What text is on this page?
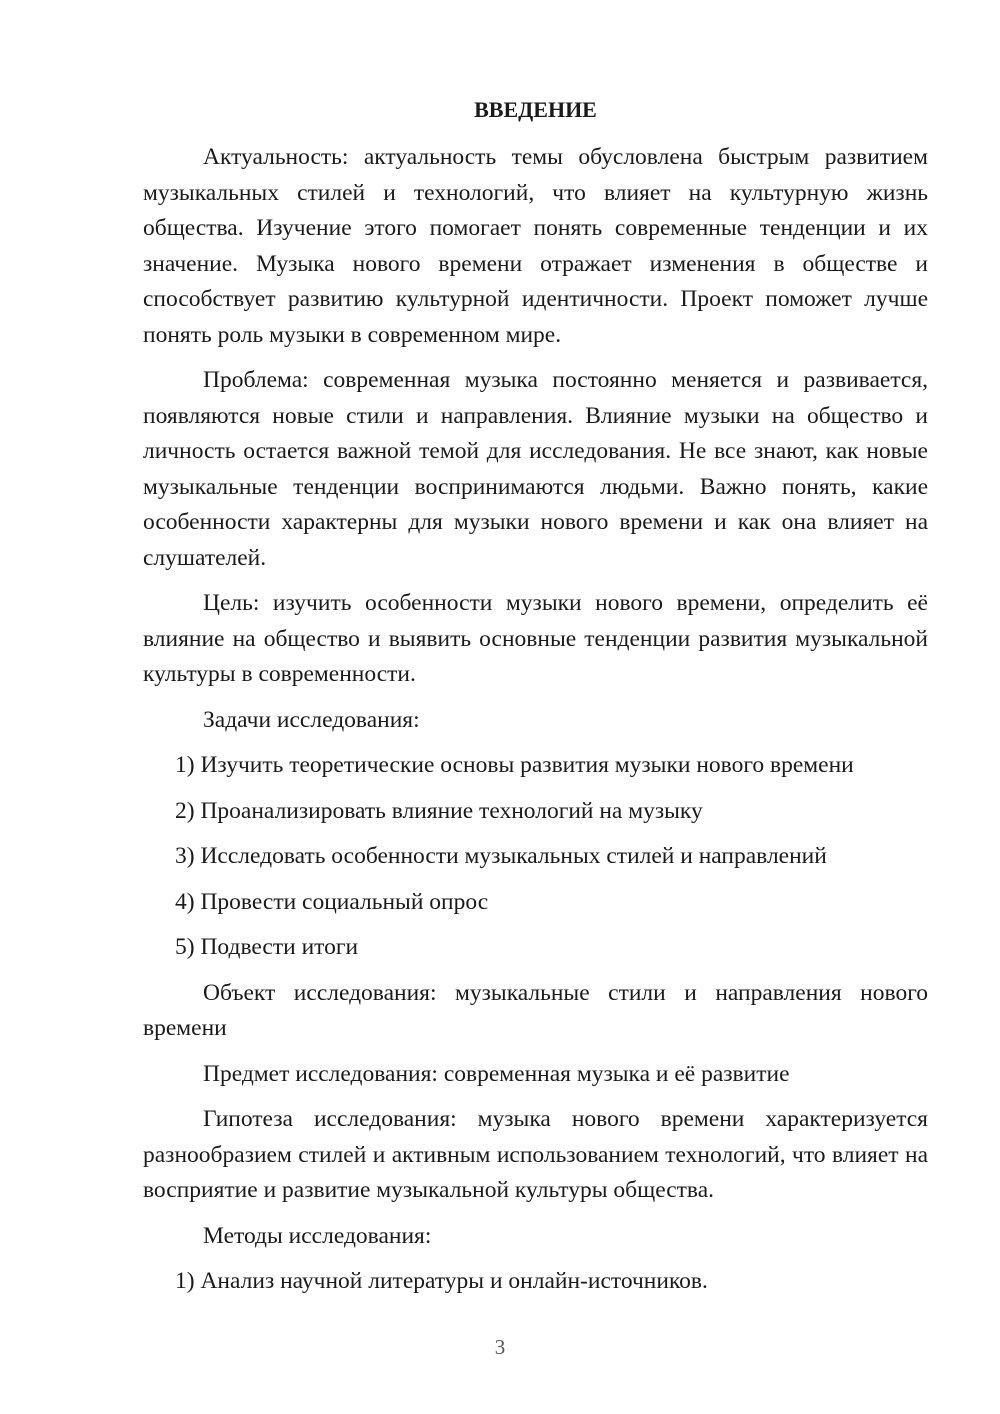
ВВЕДЕНИЕ
Актуальность: актуальность темы обусловлена быстрым развитием музыкальных стилей и технологий, что влияет на культурную жизнь общества. Изучение этого помогает понять современные тенденции и их значение. Музыка нового времени отражает изменения в обществе и способствует развитию культурной идентичности. Проект поможет лучше понять роль музыки в современном мире.
Проблема: современная музыка постоянно меняется и развивается, появляются новые стили и направления. Влияние музыки на общество и личность остается важной темой для исследования. Не все знают, как новые музыкальные тенденции воспринимаются людьми. Важно понять, какие особенности характерны для музыки нового времени и как она влияет на слушателей.
Цель: изучить особенности музыки нового времени, определить её влияние на общество и выявить основные тенденции развития музыкальной культуры в современности.
Задачи исследования:
1) Изучить теоретические основы развития музыки нового времени
2) Проанализировать влияние технологий на музыку
3) Исследовать особенности музыкальных стилей и направлений
4) Провести социальный опрос
5) Подвести итоги
Объект исследования: музыкальные стили и направления нового времени
Предмет исследования: современная музыка и её развитие
Гипотеза исследования: музыка нового времени характеризуется разнообразием стилей и активным использованием технологий, что влияет на восприятие и развитие музыкальной культуры общества.
Методы исследования:
1) Анализ научной литературы и онлайн-источников.
3
